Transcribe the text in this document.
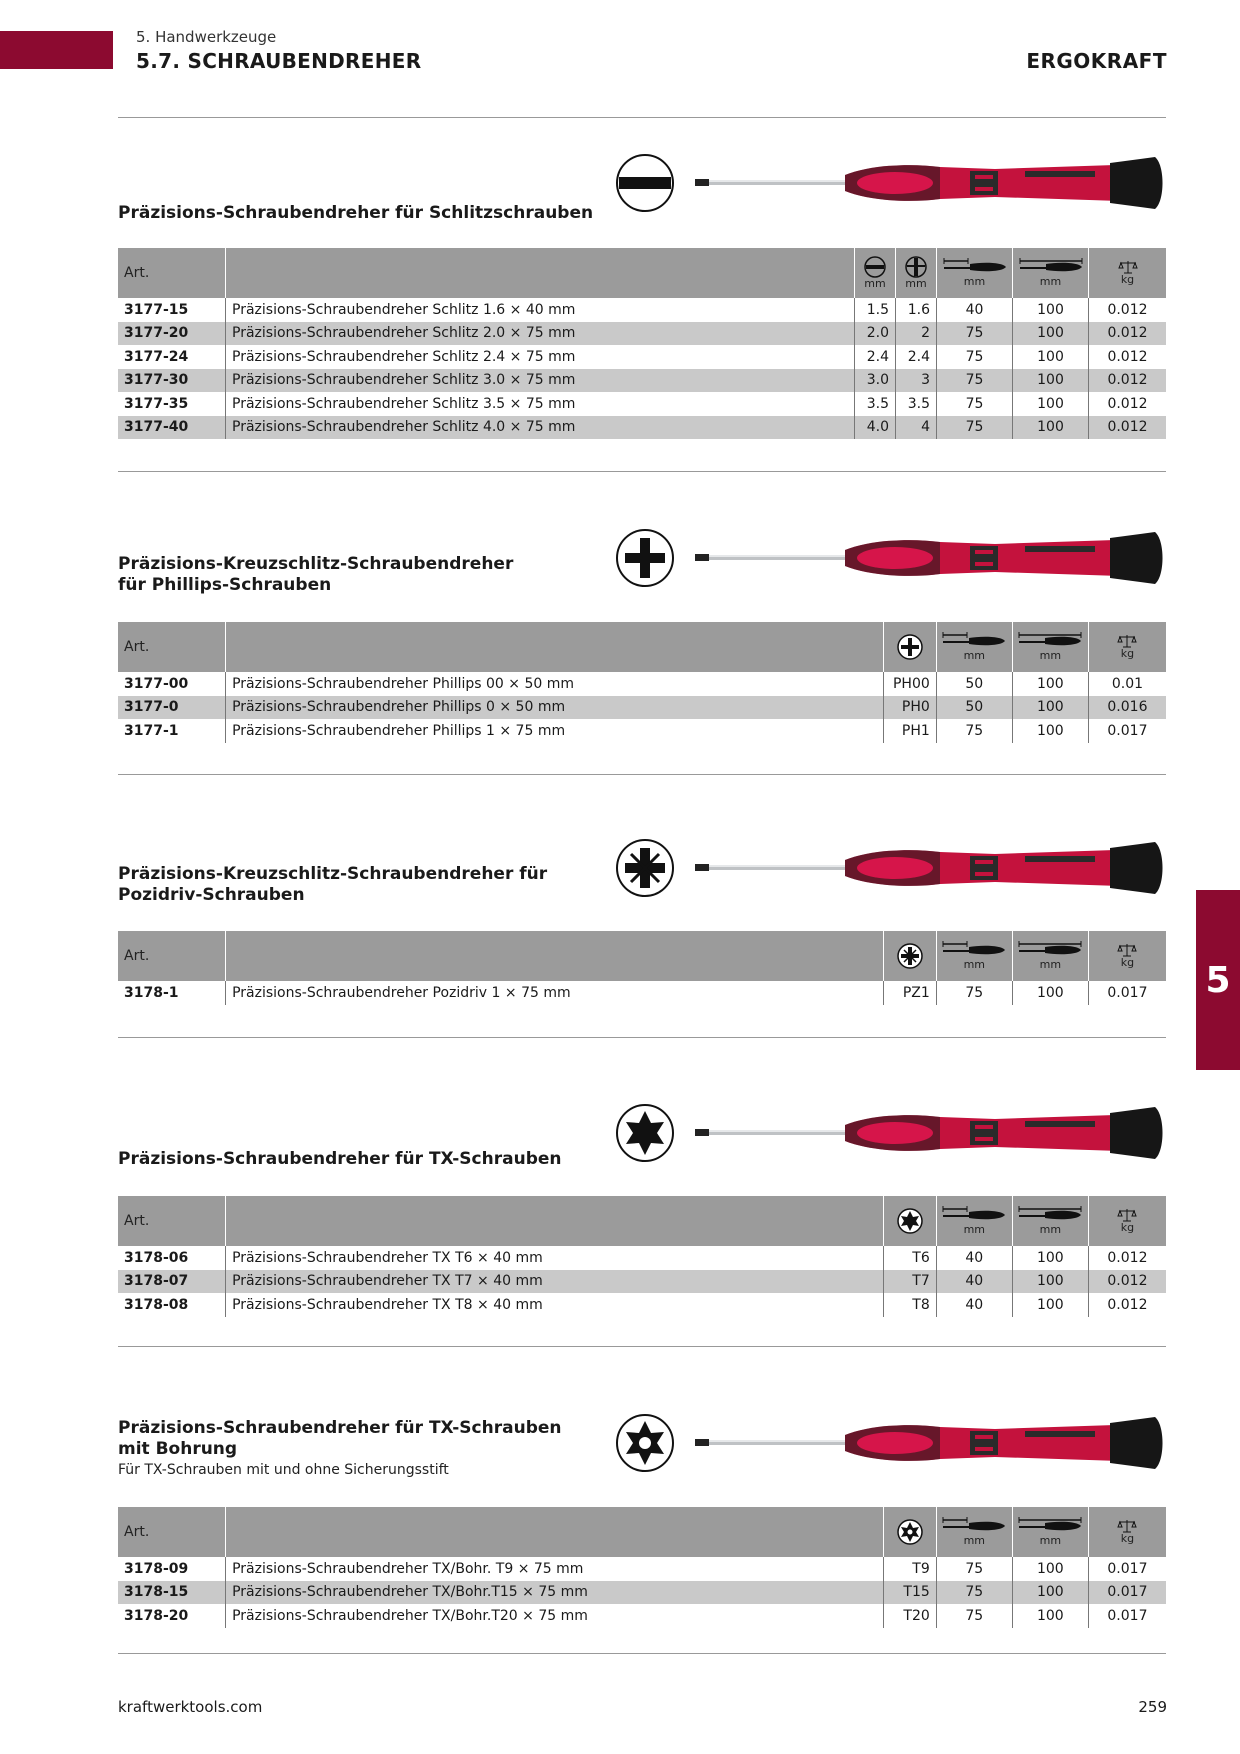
5. Handwerkzeuge
5.7. SCHRAUBENDREHER	ERGOKRAFT
5
Präzisions-Schraubendreher für Schlitzschrauben
Art.		mm	mm	mm	mm	kg

3177-15	Präzisions-Schraubendreher Schlitz 1.6 × 40 mm	1.5	1.6	40	100	0.012
3177-20	Präzisions-Schraubendreher Schlitz 2.0 × 75 mm	2.0	2	75	100	0.012
3177-24	Präzisions-Schraubendreher Schlitz 2.4 × 75 mm	2.4	2.4	75	100	0.012
3177-30	Präzisions-Schraubendreher Schlitz 3.0 × 75 mm	3.0	3	75	100	0.012
3177-35	Präzisions-Schraubendreher Schlitz 3.5 × 75 mm	3.5	3.5	75	100	0.012
3177-40	Präzisions-Schraubendreher Schlitz 4.0 × 75 mm	4.0	4	75	100	0.012
Präzisions-Kreuzschlitz-Schraubendreher
für Phillips-Schrauben
Art.			mm	mm	kg

3177-00	Präzisions-Schraubendreher Phillips 00 × 50 mm	PH00	50	100	0.01
3177-0	Präzisions-Schraubendreher Phillips 0 × 50 mm	PH0	50	100	0.016
3177-1	Präzisions-Schraubendreher Phillips 1 × 75 mm	PH1	75	100	0.017
Präzisions-Kreuzschlitz-Schraubendreher für
Pozidriv-Schrauben
Art.			mm	mm	kg

3178-1	Präzisions-Schraubendreher Pozidriv 1 × 75 mm	PZ1	75	100	0.017
Präzisions-Schraubendreher für TX-Schrauben
Art.			mm	mm	kg

3178-06	Präzisions-Schraubendreher TX T6 × 40 mm	T6	40	100	0.012
3178-07	Präzisions-Schraubendreher TX T7 × 40 mm	T7	40	100	0.012
3178-08	Präzisions-Schraubendreher TX T8 × 40 mm	T8	40	100	0.012
Präzisions-Schraubendreher für TX-Schrauben
mit Bohrung
Für TX-Schrauben mit und ohne Sicherungsstift
Art.			mm	mm	kg

3178-09	Präzisions-Schraubendreher TX/Bohr. T9 × 75 mm	T9	75	100	0.017
3178-15	Präzisions-Schraubendreher TX/Bohr.T15 × 75 mm	T15	75	100	0.017
3178-20	Präzisions-Schraubendreher TX/Bohr.T20 × 75 mm	T20	75	100	0.017
kraftwerktools.com	259
